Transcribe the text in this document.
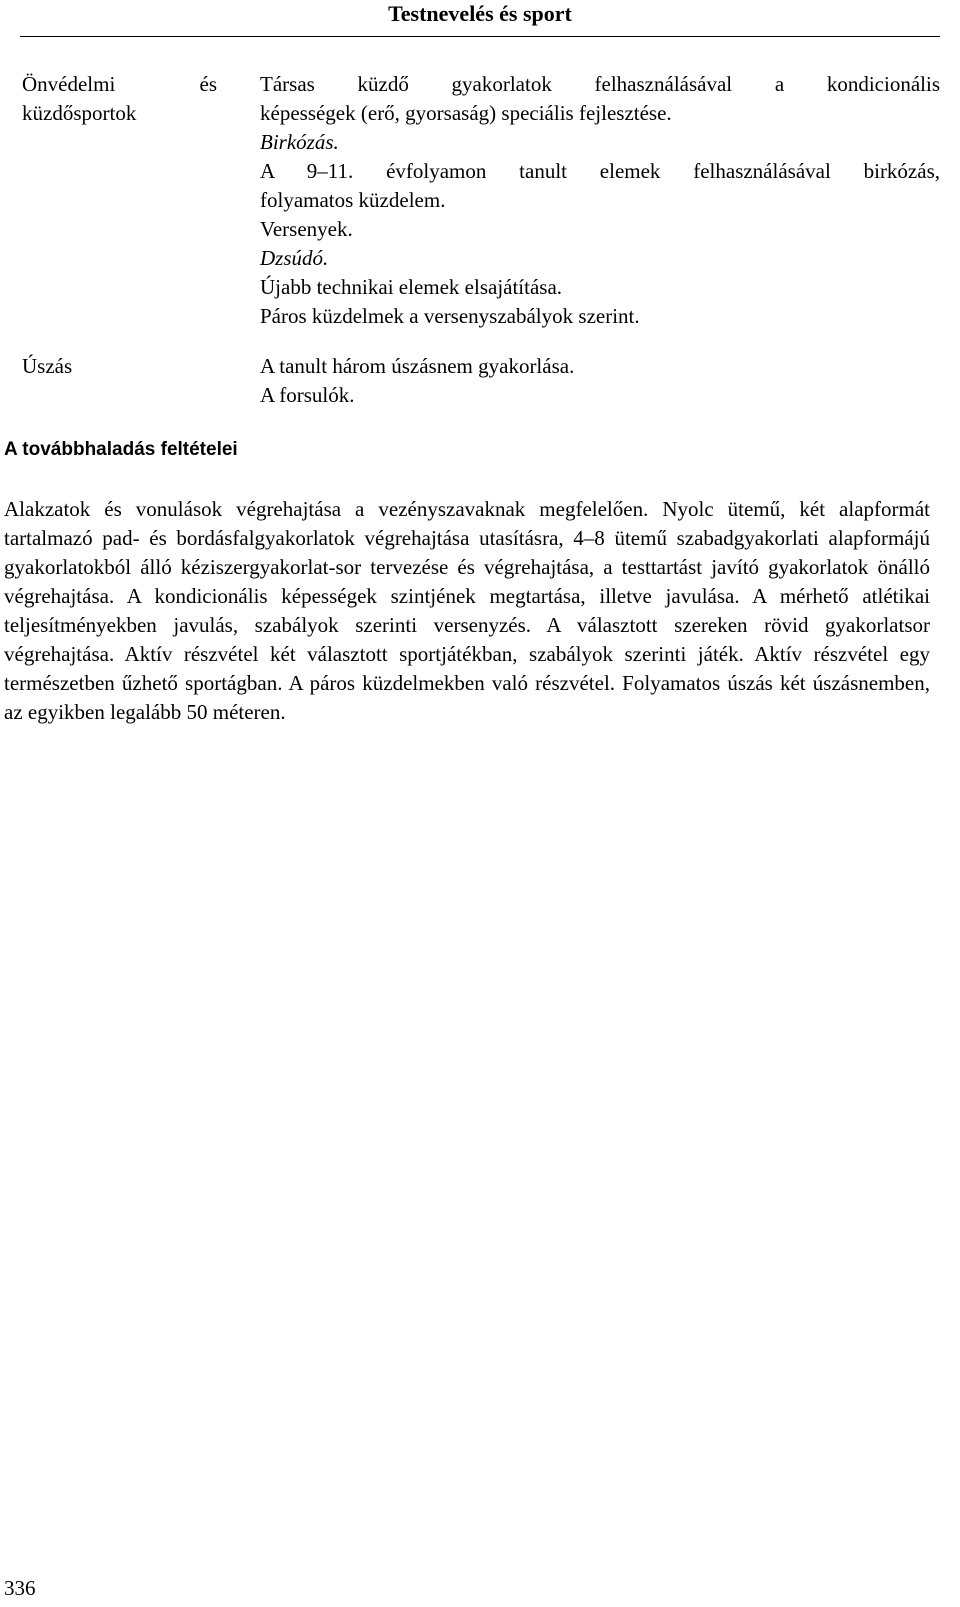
Testnevelés és sport
Önvédelmi és küzdősportok
Társas küzdő gyakorlatok felhasználásával a kondicionális
képességek (erő, gyorsaság) speciális fejlesztése.
Birkózás.
A 9–11. évfolyamon tanult elemek felhasználásával birkózás,
folyamatos küzdelem.
Versenyek.
Dzsúdó.
Újabb technikai elemek elsajátítása.
Páros küzdelmek a versenyszabályok szerint.
Úszás	A tanult három úszásnem gyakorlása.
A forsulók.
A továbbhaladás feltételei
Alakzatok és vonulások végrehajtása a vezényszavaknak megfelelően. Nyolc ütemű, két alapformát tartalmazó pad- és bordásfalgyakorlatok végrehajtása utasításra, 4–8 ütemű szabadgyakorlati alapformájú gyakorlatokból álló kéziszergyakorlat-sor tervezése és végrehajtása, a testtartást javító gyakorlatok önálló végrehajtása. A kondicionális képességek szintjének megtartása, illetve javulása. A mérhető atlétikai teljesítményekben javulás, szabályok szerinti versenyzés. A választott szereken rövid gyakorlatsor végrehajtása. Aktív részvétel két választott sportjátékban, szabályok szerinti játék. Aktív részvétel egy természetben űzhető sportágban. A páros küzdelmekben való részvétel. Folyamatos úszás két úszásnemben, az egyikben legalább 50 méteren.
336
